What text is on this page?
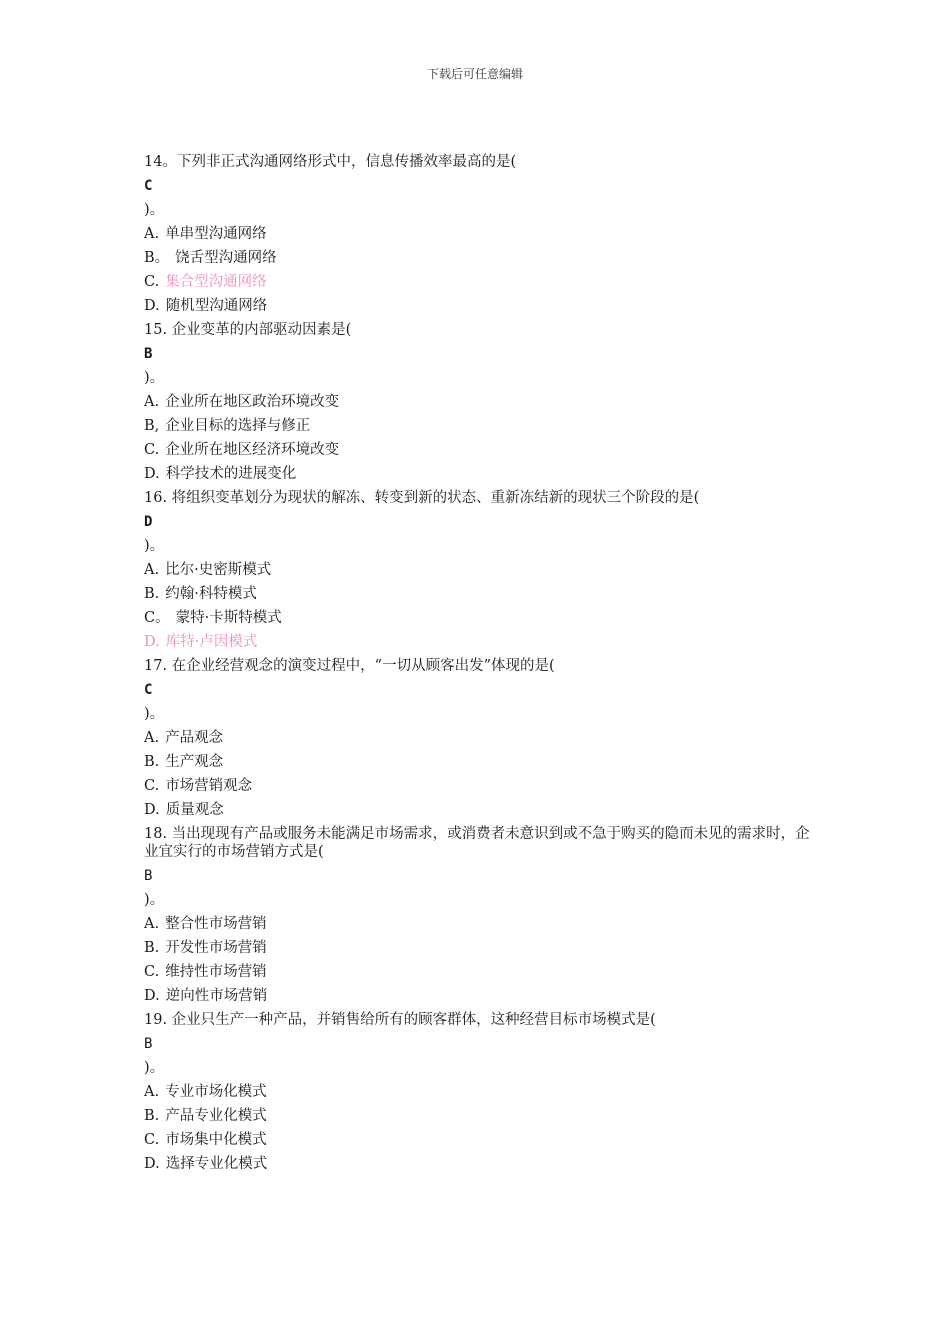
下载后可任意编辑

14。下列非正式沟通网络形式中，信息传播效率最高的是(

C

)。

A. 单串型沟通网络

B。 饶舌型沟通网络

C. 集合型沟通网络

D. 随机型沟通网络

15. 企业变革的内部驱动因素是(

B

)。

A. 企业所在地区政治环境改变

B, 企业目标的选择与修正

C. 企业所在地区经济环境改变

D. 科学技术的进展变化

16. 将组织变革划分为现状的解冻、转变到新的状态、重新冻结新的现状三个阶段的是(

D

)。

A. 比尔·史密斯模式

B. 约翰·科特模式

C。 蒙特·卡斯特模式

D. 库特·卢因模式

17. 在企业经营观念的演变过程中，“一切从顾客出发”体现的是(

C

)。

A. 产品观念

B. 生产观念

C. 市场营销观念

D. 质量观念

18. 当出现现有产品或服务未能满足市场需求，或消费者未意识到或不急于购买的隐而未见的需求时，企业宜实行的市场营销方式是(

B

)。

A. 整合性市场营销

B. 开发性市场营销

C. 维持性市场营销

D. 逆向性市场营销

19. 企业只生产一种产品，并销售给所有的顾客群体，这种经营目标市场模式是(

B

)。

A. 专业市场化模式

B. 产品专业化模式

C. 市场集中化模式

D. 选择专业化模式
